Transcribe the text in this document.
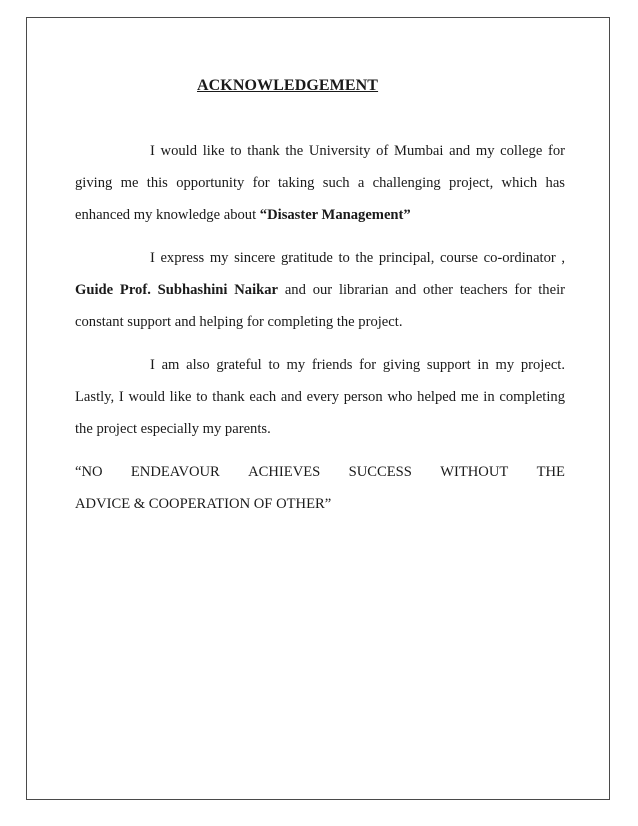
ACKNOWLEDGEMENT

I would like to thank the University of Mumbai and my college for giving me this opportunity for taking such a challenging project, which has enhanced my knowledge about “Disaster Management”

I express my sincere gratitude to the principal, course co-ordinator , Guide Prof. Subhashini Naikar and our librarian and other teachers for their constant support and helping for completing the project.

I am also grateful to my friends for giving support in my project. Lastly, I would like to thank each and every person who helped me in completing the project especially my parents.

“NO ENDEAVOUR ACHIEVES SUCCESS WITHOUT THE

ADVICE & COOPERATION OF OTHER”
